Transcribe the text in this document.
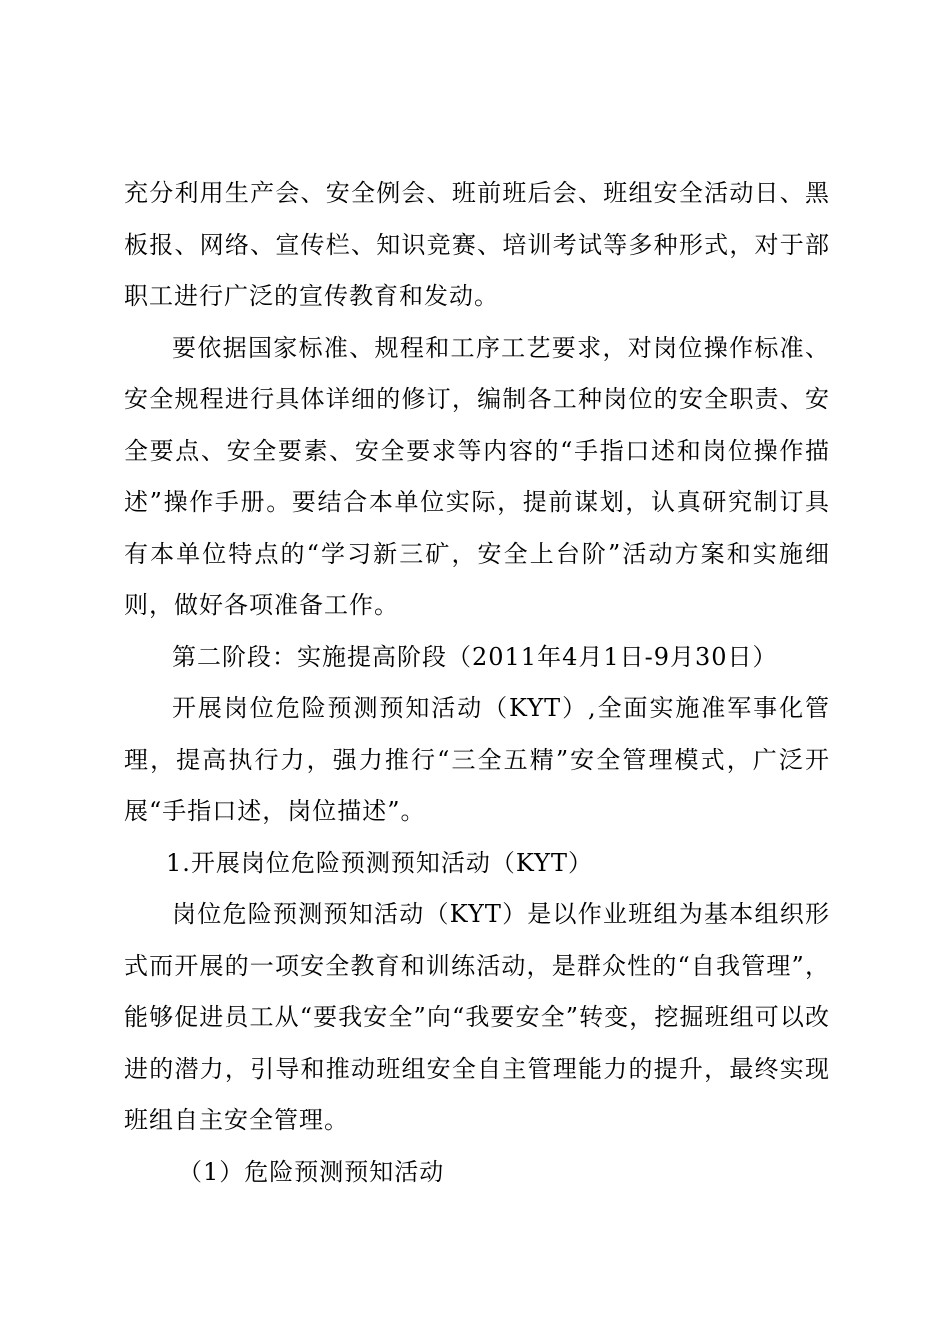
充分利用生产会、安全例会、班前班后会、班组安全活动日、黑板报、网络、宣传栏、知识竞赛、培训考试等多种形式，对于部职工进行广泛的宣传教育和发动。

要依据国家标准、规程和工序工艺要求，对岗位操作标准、安全规程进行具体详细的修订，编制各工种岗位的安全职责、安全要点、安全要素、安全要求等内容的“手指口述和岗位操作描述”操作手册。要结合本单位实际，提前谋划，认真研究制订具有本单位特点的“学习新三矿，安全上台阶”活动方案和实施细则，做好各项准备工作。

第二阶段：实施提高阶段（2011年4月1日-9月30日）

开展岗位危险预测预知活动（KYT）,全面实施准军事化管理，提高执行力，强力推行“三全五精”安全管理模式，广泛开展“手指口述，岗位描述”。

1.开展岗位危险预测预知活动（KYT）

岗位危险预测预知活动（KYT）是以作业班组为基本组织形式而开展的一项安全教育和训练活动，是群众性的“自我管理”，能够促进员工从“要我安全”向“我要安全”转变，挖掘班组可以改进的潜力，引导和推动班组安全自主管理能力的提升，最终实现班组自主安全管理。

（1）危险预测预知活动
